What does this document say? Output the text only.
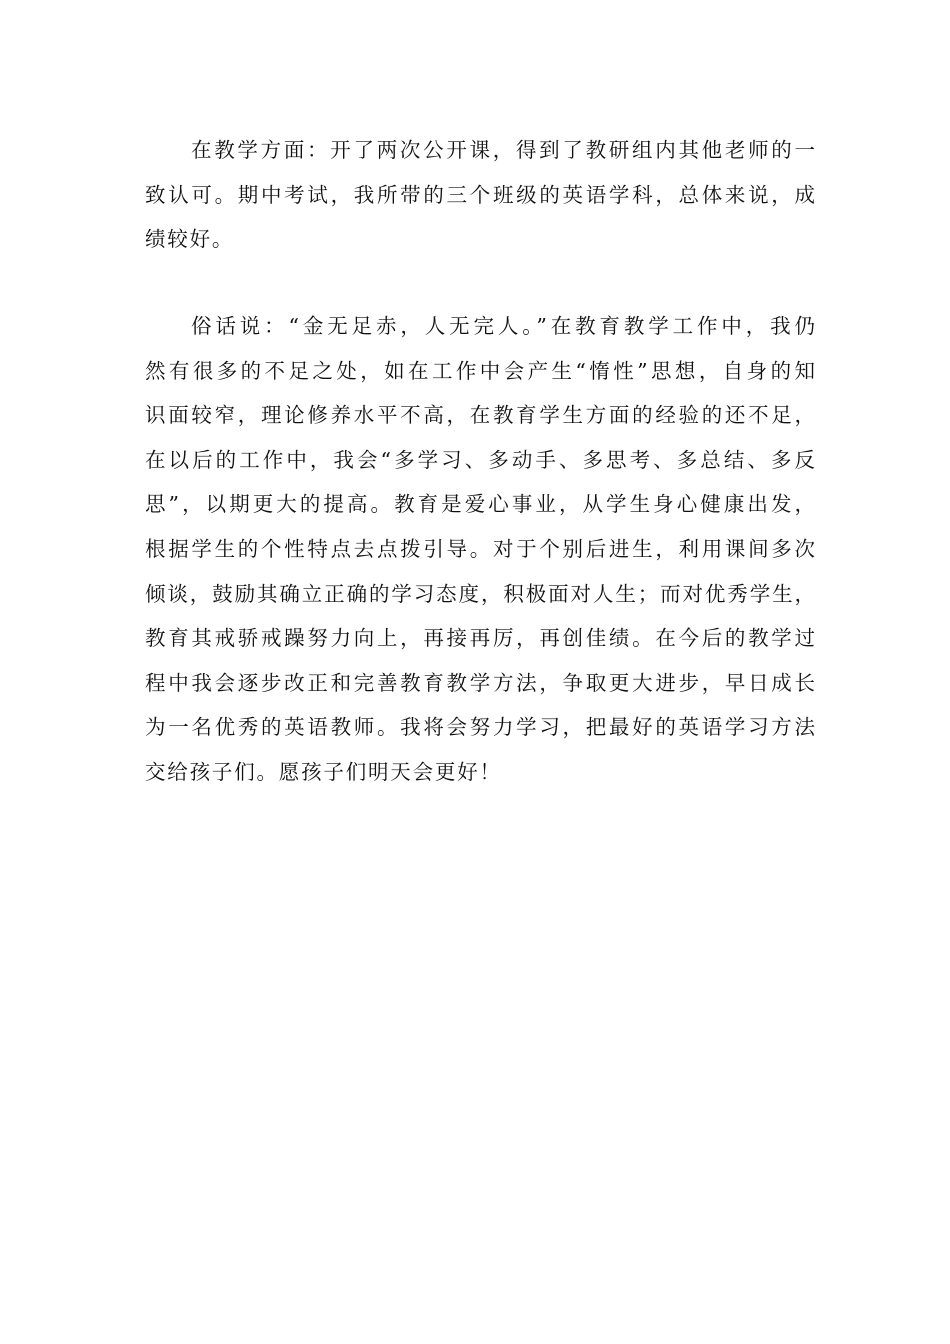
在教学方面：开了两次公开课，得到了教研组内其他老师的一
致认可。期中考试，我所带的三个班级的英语学科，总体来说，成
绩较好。
俗话说：“金无足赤，人无完人。”在教育教学工作中，我仍
然有很多的不足之处，如在工作中会产生“惰性”思想，自身的知
识面较窄，理论修养水平不高，在教育学生方面的经验的还不足，
在以后的工作中，我会“多学习、多动手、多思考、多总结、多反
思”，以期更大的提高。教育是爱心事业，从学生身心健康出发，
根据学生的个性特点去点拨引导。对于个别后进生，利用课间多次
倾谈，鼓励其确立正确的学习态度，积极面对人生；而对优秀学生，
教育其戒骄戒躁努力向上，再接再厉，再创佳绩。在今后的教学过
程中我会逐步改正和完善教育教学方法，争取更大进步，早日成长
为一名优秀的英语教师。我将会努力学习，把最好的英语学习方法
交给孩子们。愿孩子们明天会更好！
